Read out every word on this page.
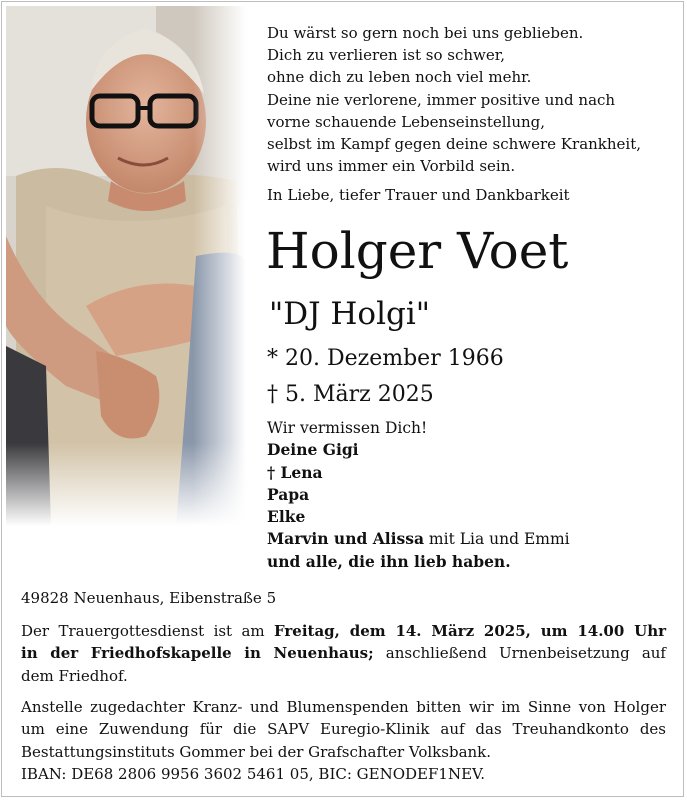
Du wärst so gern noch bei uns geblieben.
Dich zu verlieren ist so schwer,
ohne dich zu leben noch viel mehr.
Deine nie verlorene, immer positive und nach
vorne schauende Lebenseinstellung,
selbst im Kampf gegen deine schwere Krankheit,
wird uns immer ein Vorbild sein.
In Liebe, tiefer Trauer und Dankbarkeit
Holger Voet
"DJ Holgi"
* 20. Dezember 1966
† 5. März 2025
Wir vermissen Dich!
Deine Gigi
† Lena
Papa
Elke
Marvin und Alissa mit Lia und Emmi
und alle, die ihn lieb haben.
49828 Neuenhaus, Eibenstraße 5
Der Trauergottesdienst ist am Freitag, dem 14. März 2025, um 14.00 Uhr
in der Friedhofskapelle in Neuenhaus; anschließend Urnenbeisetzung auf
dem Friedhof.
Anstelle zugedachter Kranz- und Blumenspenden bitten wir im Sinne von Holger
um eine Zuwendung für die SAPV Euregio-Klinik auf das Treuhandkonto des
Bestattungsinstituts Gommer bei der Grafschafter Volksbank.
IBAN: DE68 2806 9956 3602 5461 05, BIC: GENODEF1NEV.
